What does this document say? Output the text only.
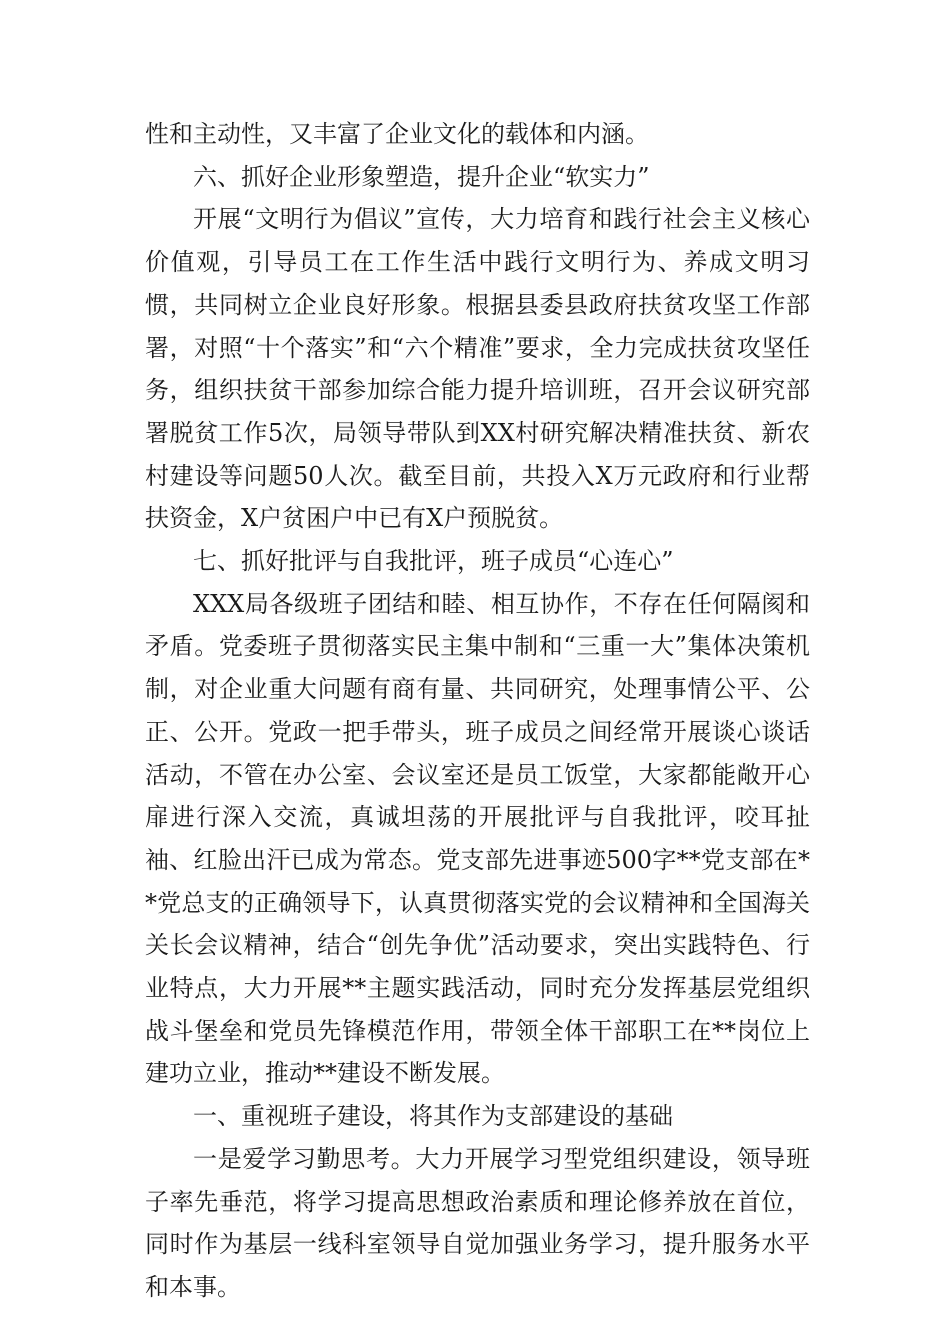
性和主动性，又丰富了企业文化的载体和内涵。

六、抓好企业形象塑造，提升企业“软实力”

开展“文明行为倡议”宣传，大力培育和践行社会主义核心价值观，引导员工在工作生活中践行文明行为、养成文明习惯，共同树立企业良好形象。根据县委县政府扶贫攻坚工作部署，对照“十个落实”和“六个精准”要求，全力完成扶贫攻坚任务，组织扶贫干部参加综合能力提升培训班，召开会议研究部署脱贫工作5次，局领导带队到XX村研究解决精准扶贫、新农村建设等问题50人次。截至目前，共投入X万元政府和行业帮扶资金，X户贫困户中已有X户预脱贫。

七、抓好批评与自我批评，班子成员“心连心”

XXX局各级班子团结和睦、相互协作，不存在任何隔阂和矛盾。党委班子贯彻落实民主集中制和“三重一大”集体决策机制，对企业重大问题有商有量、共同研究，处理事情公平、公正、公开。党政一把手带头，班子成员之间经常开展谈心谈话活动，不管在办公室、会议室还是员工饭堂，大家都能敞开心扉进行深入交流，真诚坦荡的开展批评与自我批评，咬耳扯袖、红脸出汗已成为常态。党支部先进事迹500字**党支部在**党总支的正确领导下，认真贯彻落实党的会议精神和全国海关关长会议精神，结合“创先争优”活动要求，突出实践特色、行业特点，大力开展**主题实践活动，同时充分发挥基层党组织战斗堡垒和党员先锋模范作用，带领全体干部职工在**岗位上建功立业，推动**建设不断发展。

一、重视班子建设，将其作为支部建设的基础

一是爱学习勤思考。大力开展学习型党组织建设，领导班子率先垂范，将学习提高思想政治素质和理论修养放在首位，同时作为基层一线科室领导自觉加强业务学习，提升服务水平和本事。
